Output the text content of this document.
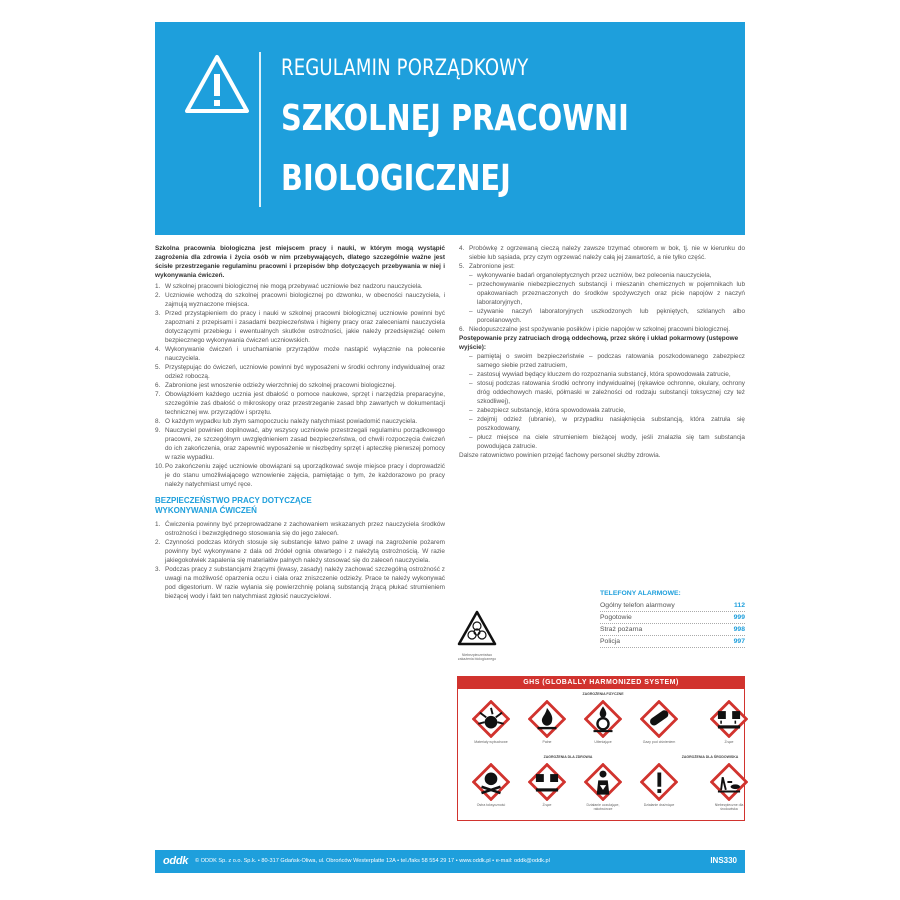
REGULAMIN PORZĄDKOWY
SZKOLNEJ PRACOWNI
BIOLOGICZNEJ

Szkolna pracownia biologiczna jest miejscem pracy i nauki, w którym mogą wystąpić zagrożenia dla zdrowia i życia osób w nim przebywających, dlatego szczególnie ważne jest ścisłe przestrzeganie regulaminu pracowni i przepisów bhp dotyczących przebywania w niej i wykonywania ćwiczeń.

1. W szkolnej pracowni biologicznej nie mogą przebywać uczniowie bez nadzoru nauczyciela.
2. Uczniowie wchodzą do szkolnej pracowni biologicznej po dzwonku, w obecności nauczyciela, i zajmują wyznaczone miejsca.
3. Przed przystąpieniem do pracy i nauki w szkolnej pracowni biologicznej uczniowie powinni być zapoznani z przepisami i zasadami bezpieczeństwa i higieny pracy oraz zaleceniami nauczyciela dotyczącymi przebiegu i ewentualnych skutków ostrożności, jakie należy przedsięwziąć celem bezpiecznego wykonywania ćwiczeń uczniowskich.
4. Wykonywanie ćwiczeń i uruchamianie przyrządów może nastąpić wyłącznie na polecenie nauczyciela.
5. Przystępując do ćwiczeń, uczniowie powinni być wyposażeni w środki ochrony indywidualnej oraz odzież roboczą.
6. Zabronione jest wnoszenie odzieży wierzchniej do szkolnej pracowni biologicznej.
7. Obowiązkiem każdego ucznia jest dbałość o pomoce naukowe, sprzęt i narzędzia preparacyjne, szczególnie zaś dbałość o mikroskopy oraz przestrzeganie zasad bhp zawartych w dokumentacji technicznej ww. przyrządów i sprzętu.
8. O każdym wypadku lub złym samopoczuciu należy natychmiast powiadomić nauczyciela.
9. Nauczyciel powinien dopilnować, aby wszyscy uczniowie przestrzegali regulaminu porządkowego pracowni, ze szczególnym uwzględnieniem zasad bezpieczeństwa, od chwili rozpoczęcia ćwiczeń do ich zakończenia, oraz zapewnić wyposażenie w niezbędny sprzęt i apteczkę pierwszej pomocy w razie wypadku.
10. Po zakończeniu zajęć uczniowie obowiązani są uporządkować swoje miejsce pracy i doprowadzić je do stanu umożliwiającego wznowienie zajęcia, pamiętając o tym, że każdorazowo po pracy należy natychmiast umyć ręce.
BEZPIECZEŃSTWO PRACY DOTYCZĄCE
WYKONYWANIA ĆWICZEŃ
1. Ćwiczenia powinny być przeprowadzane z zachowaniem wskazanych przez nauczyciela środków ostrożności i bezwzględnego stosowania się do jego zaleceń.
2. Czynności podczas których stosuje się substancje łatwo palne z uwagi na zagrożenie pożarem powinny być wykonywane z dala od źródeł ognia otwartego i z należytą ostrożnością. W razie jakiegokolwiek zapalenia się materiałów palnych należy stosować się do zaleceń nauczyciela.
3. Podczas pracy z substancjami żrącymi (kwasy, zasady) należy zachować szczególną ostrożność z uwagi na możliwość oparzenia oczu i ciała oraz zniszczenie odzieży. Prace te należy wykonywać pod digestorium. W razie wylania się powierzchnię polaną substancją żrącą płukać strumieniem bieżącej wody i fakt ten natychmiast zgłosić nauczycielowi.
4. Probówkę z ogrzewaną cieczą należy zawsze trzymać otworem w bok, tj. nie w kierunku do siebie lub sąsiada, przy czym ogrzewać należy całą jej zawartość, a nie tylko część.
5. Zabronione jest:
– wykonywanie badań organoleptycznych przez uczniów, bez polecenia nauczyciela,
– przechowywanie niebezpiecznych substancji i mieszanin chemicznych w pojemnikach lub opakowaniach przeznaczonych do środków spożywczych oraz picie napojów z naczyń laboratoryjnych,
– używanie naczyń laboratoryjnych uszkodzonych lub pękniętych, szklanych albo porcelanowych.
6. Niedopuszczalne jest spożywanie posiłków i picie napojów w szkolnej pracowni biologicznej.

Postępowanie przy zatruciach drogą oddechową, przez skórę i układ pokarmowy (ustępowe wyjście):

– pamiętaj o swoim bezpieczeństwie – podczas ratowania poszkodowanego zabezpiecz samego siebie przed zatruciem,
– zastosuj wywiad będący kluczem do rozpoznania substancji, która spowodowała zatrucie,
– stosuj podczas ratowania środki ochrony indywidualnej (rękawice ochronne, okulary, ochrony dróg oddechowych maski, półmaski w zależności od rodzaju substancji toksycznej czy też szkodliwej),
– zabezpiecz substancję, która spowodowała zatrucie,
– zdejmij odzież (ubranie), w przypadku nasiąknięcia substancją, która zatruła się poszkodowany,
– płucz miejsce na ciele strumieniem bieżącej wody, jeśli znalazła się tam substancja powodująca zatrucie.

Dalsze ratownictwo powinien przejąć fachowy personel służby zdrowia.

TELEFONY ALARMOWE:
Ogólny telefon alarmowy	112
Pogotowie	999
Straż pożarna	998
Policja	997
Niebezpieczeństwo zakażenia biologicznego
GHS (GLOBALLY HARMONIZED SYSTEM)
ZAGROŻENIA FIZYCZNE
Materiały wybuchowe	Palne	Utleniające	Gazy pod ciśnieniem	Żrące
ZAGROŻENIA DLA ZDROWIA	ZAGROŻENIA DLA ŚRODOWISKA
Ostra toksyczność	Żrące	Działanie uczulające, rakotwórcze
Działanie drażniące	Niebezpieczne dla środowiska
oddk © ODDK Sp. z o.o. Sp.k. • 80-317 Gdańsk-Oliwa, ul. Obrońców Westerplatte 12A • tel./faks 58 554 29 17 • www.oddk.pl • e-mail: oddk@oddk.pl	INS330
